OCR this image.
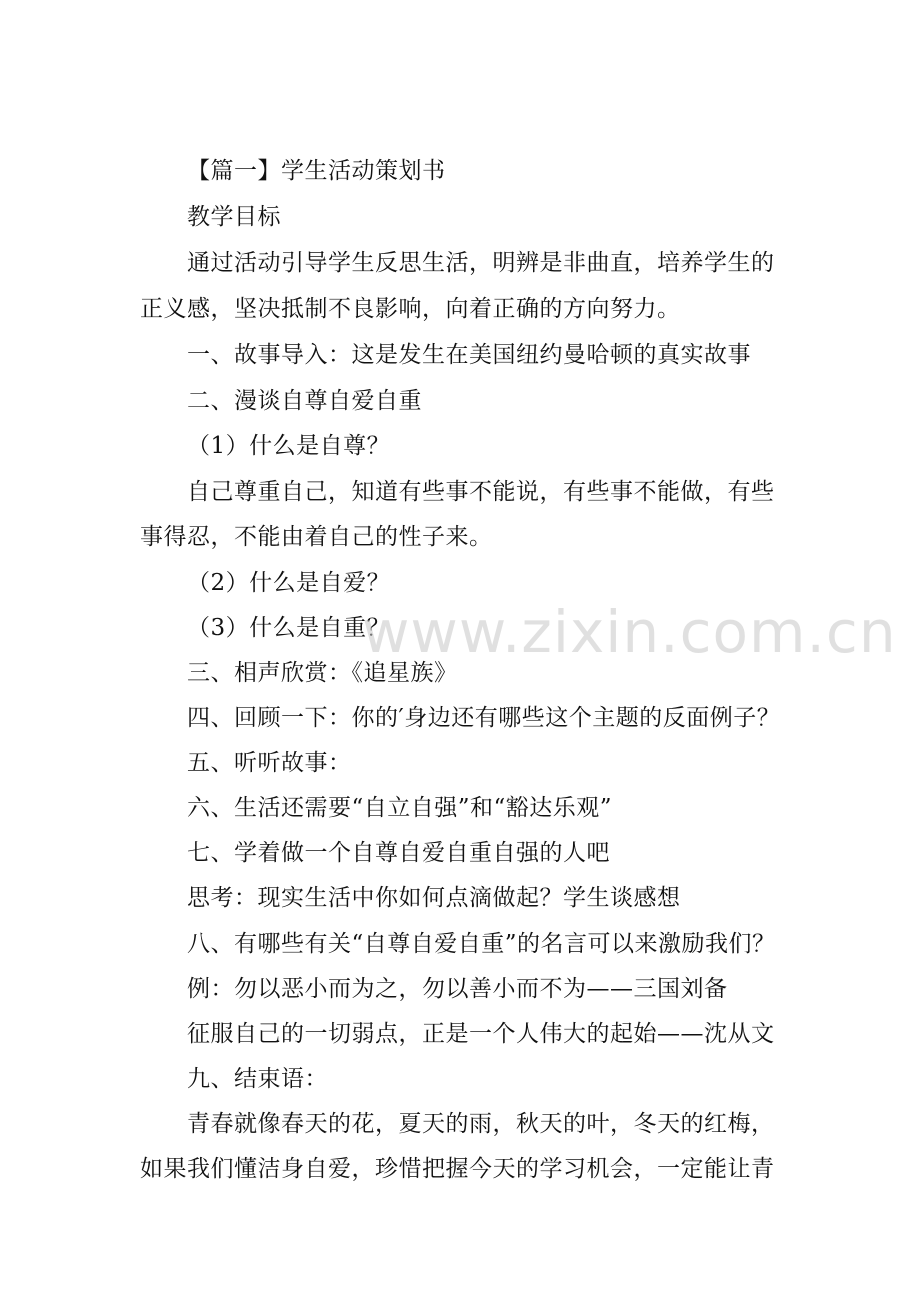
【篇一】学生活动策划书
教学目标
通过活动引导学生反思生活，明辨是非曲直，培养学生的
正义感，坚决抵制不良影响，向着正确的方向努力。
一、故事导入：这是发生在美国纽约曼哈顿的真实故事
二、漫谈自尊自爱自重
（1）什么是自尊？
自己尊重自己，知道有些事不能说，有些事不能做，有些
事得忍，不能由着自己的性子来。
（2）什么是自爱？
（3）什么是自重？
三、相声欣赏：《追星族》
四、回顾一下：你的′身边还有哪些这个主题的反面例子？
五、听听故事：
六、生活还需要“自立自强”和“豁达乐观”
七、学着做一个自尊自爱自重自强的人吧
思考：现实生活中你如何点滴做起？学生谈感想
八、有哪些有关“自尊自爱自重”的名言可以来激励我们？
例：勿以恶小而为之，勿以善小而不为——三国刘备
征服自己的一切弱点，正是一个人伟大的起始——沈从文
九、结束语：
青春就像春天的花，夏天的雨，秋天的叶，冬天的红梅，
如果我们懂洁身自爱，珍惜把握今天的学习机会，一定能让青
www.zixin.com.cn
